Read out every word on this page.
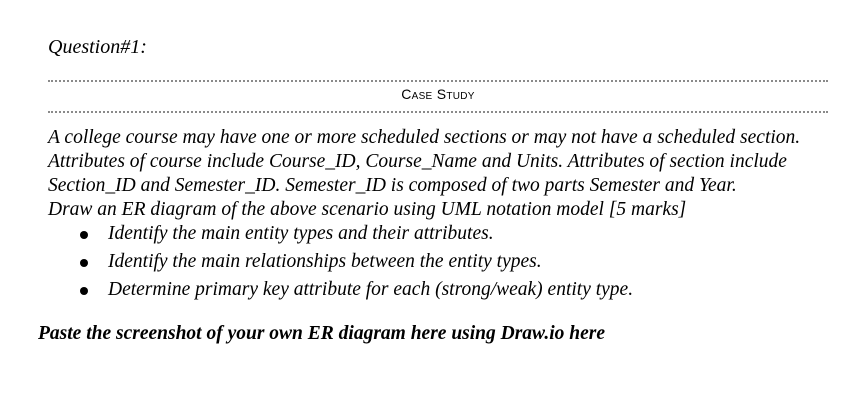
Question#1:
Case Study
A college course may have one or more scheduled sections or may not have a scheduled section.
Attributes of course include Course_ID, Course_Name and Units. Attributes of section include
Section_ID and Semester_ID. Semester_ID is composed of two parts Semester and Year.
Draw an ER diagram of the above scenario using UML notation model [5 marks]
Identify the main entity types and their attributes.
Identify the main relationships between the entity types.
Determine primary key attribute for each (strong/weak) entity type.
Paste the screenshot of your own ER diagram here using Draw.io here
